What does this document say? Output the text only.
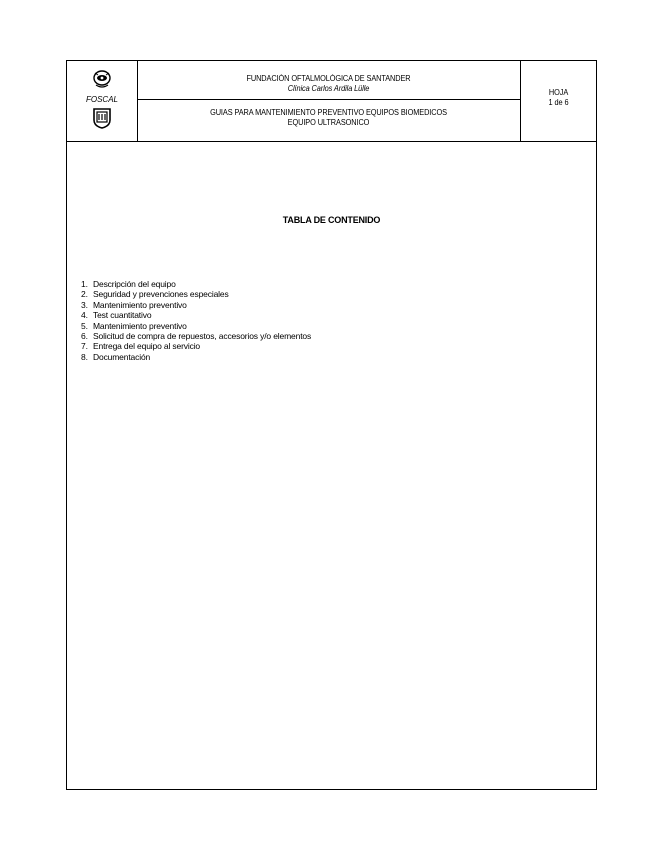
FOSCAL
FUNDACIÓN OFTALMOLÓGICA DE SANTANDER
Clínica Carlos Ardila Lülle
GUIAS PARA MANTENIMIENTO PREVENTIVO EQUIPOS BIOMEDICOS
EQUIPO ULTRASONICO
HOJA
1 de 6
TABLA DE CONTENIDO
1. Descripción del equipo
2. Seguridad y prevenciones especiales
3. Mantenimiento preventivo
4. Test cuantitativo
5. Mantenimiento preventivo
6. Solicitud de compra de repuestos, accesorios y/o elementos
7. Entrega del equipo al servicio
8. Documentación
